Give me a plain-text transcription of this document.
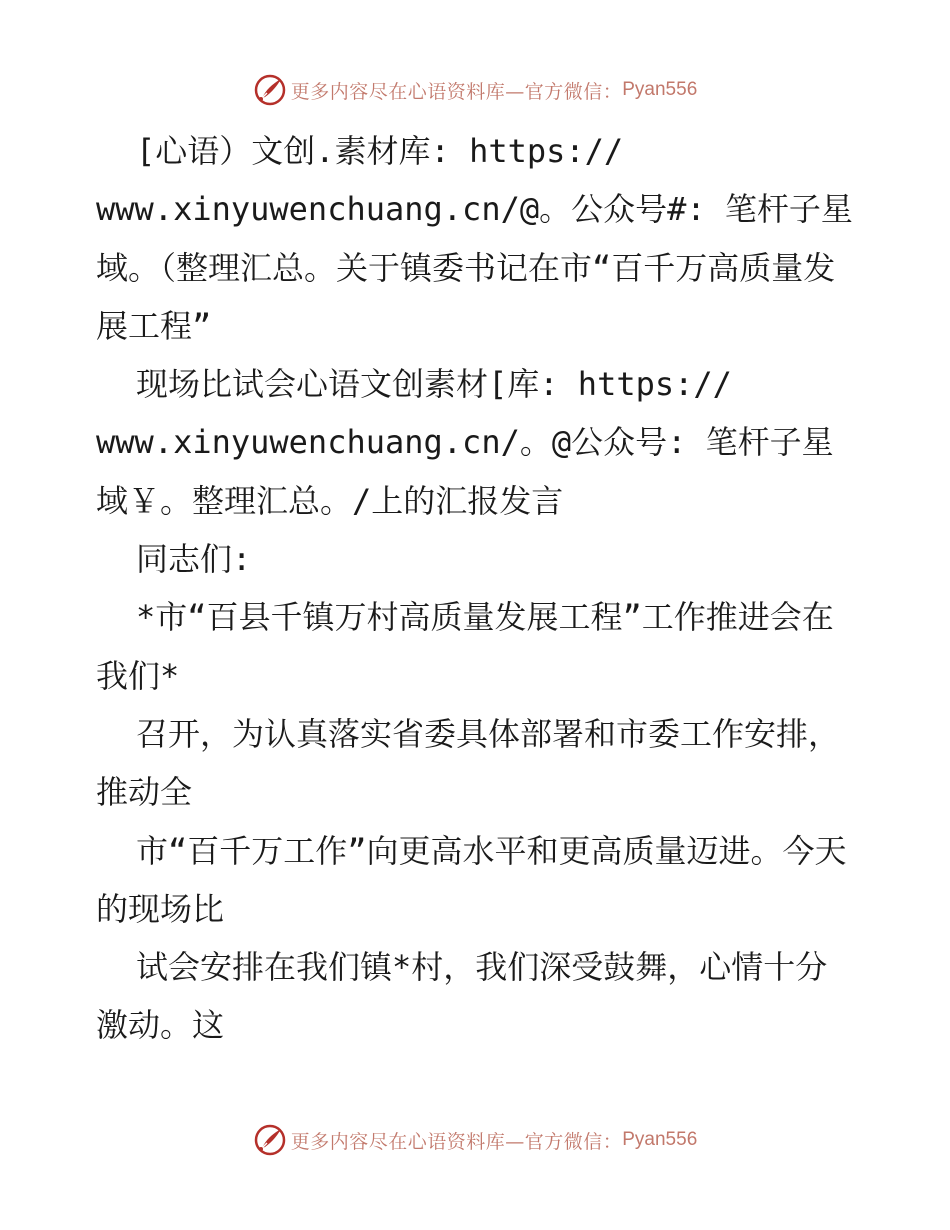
更多内容尽在心语资料库—官方微信： Pyan556

[心语）文创.素材库: https://

www.xinyuwenchuang.cn/@。公众号#: 笔杆子星域。（整理汇总。关于镇委书记在市“百千万高质量发展工程”

现场比试会心语文创素材[库: https://

www.xinyuwenchuang.cn/。@公众号: 笔杆子星域￥。整理汇总。/上的汇报发言

同志们:

*市“百县千镇万村高质量发展工程”工作推进会在我们*

召开，为认真落实省委具体部署和市委工作安排，推动全

市“百千万工作”向更高水平和更高质量迈进。今天的现场比

试会安排在我们镇*村，我们深受鼓舞，心情十分激动。这

更多内容尽在心语资料库—官方微信： Pyan556
